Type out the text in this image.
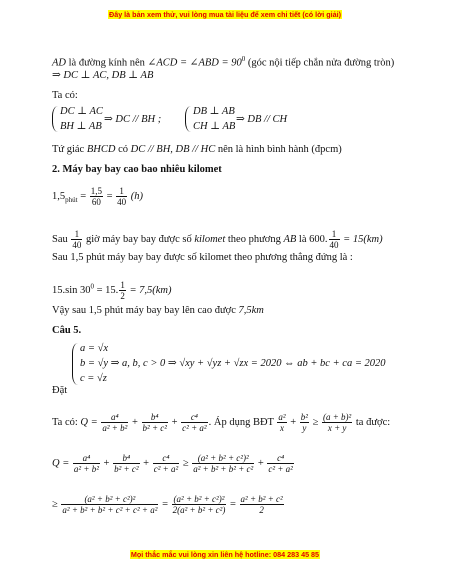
Đây là bản xem thử, vui lòng mua tài liệu để xem chi tiết (có lời giải)
AD là đường kính nên ∠ACD = ∠ABD = $90^0$ (góc nội tiếp chắn nửa đường tròn)
⇒ DC ⊥ AC, DB ⊥ AB
Ta có:
DC ⊥ AC
BH ⊥ AB
⇒ DC // BH ;
DB ⊥ AB
CH ⊥ AB
⇒ DB // CH
Tứ giác BHCD có DC // BH, DB // HC nên là hình bình hành (đpcm)
2. Máy bay bay cao bao nhiêu kilomet
$1,5_{phút} = \frac{1,5}{60} = \frac{1}{40} (h)$
Sau $\frac{1}{40}$ giờ máy bay bay được số kilomet theo phương AB là 600. $\frac{1}{40} = 15(km)$
Sau 1,5 phút máy bay bay được số kilomet theo phương thẳng đứng là :
15.sin $30^0 = 15$. $\frac{1}{2} = 7,5(km)$
Vậy sau 1,5 phút máy bay bay lên cao được 7,5km
Câu 5.
a = √x
b = √y ⇒ a, b, c > 0 ⇒ √xy + √yz + √zx = 2020 ⇔ ab + bc + ca = 2020
c = √z
Đặt
Ta có: $Q = \frac{\text{a⁴}}{\text{a² + b²}} + \frac{\text{b⁴}}{\text{b² + c²}} + \frac{\text{c⁴}}{\text{c² + a²}}$ . Áp dụng BĐT $\frac{\text{a²}}{x} + \frac{\text{b²}}{y} \ge \frac{\text{(a + b)²}}{x + y}$ ta được:
$Q = \frac{\text{a⁴}}{\text{a² + b²}} + \frac{\text{b⁴}}{\text{b² + c²}} + \frac{\text{c⁴}}{\text{c² + a²}} \ge \frac{\text{(a² + b² + c²)²}}{\text{a² + b² + b² + c²}} + \frac{\text{c⁴}}{\text{c² + a²}}$
≥ $\frac{\text{(a² + b² + c²)²}}{\text{a² + b² + b² + c² + c² + a²}} = \frac{\text{(a² + b² + c²)²}}{\text{2(a² + b² + c²)}} = \frac{\text{a² + b² + c²}}{2}$
Mọi thắc mắc vui lòng xin liên hệ hotline: 084 283 45 85
